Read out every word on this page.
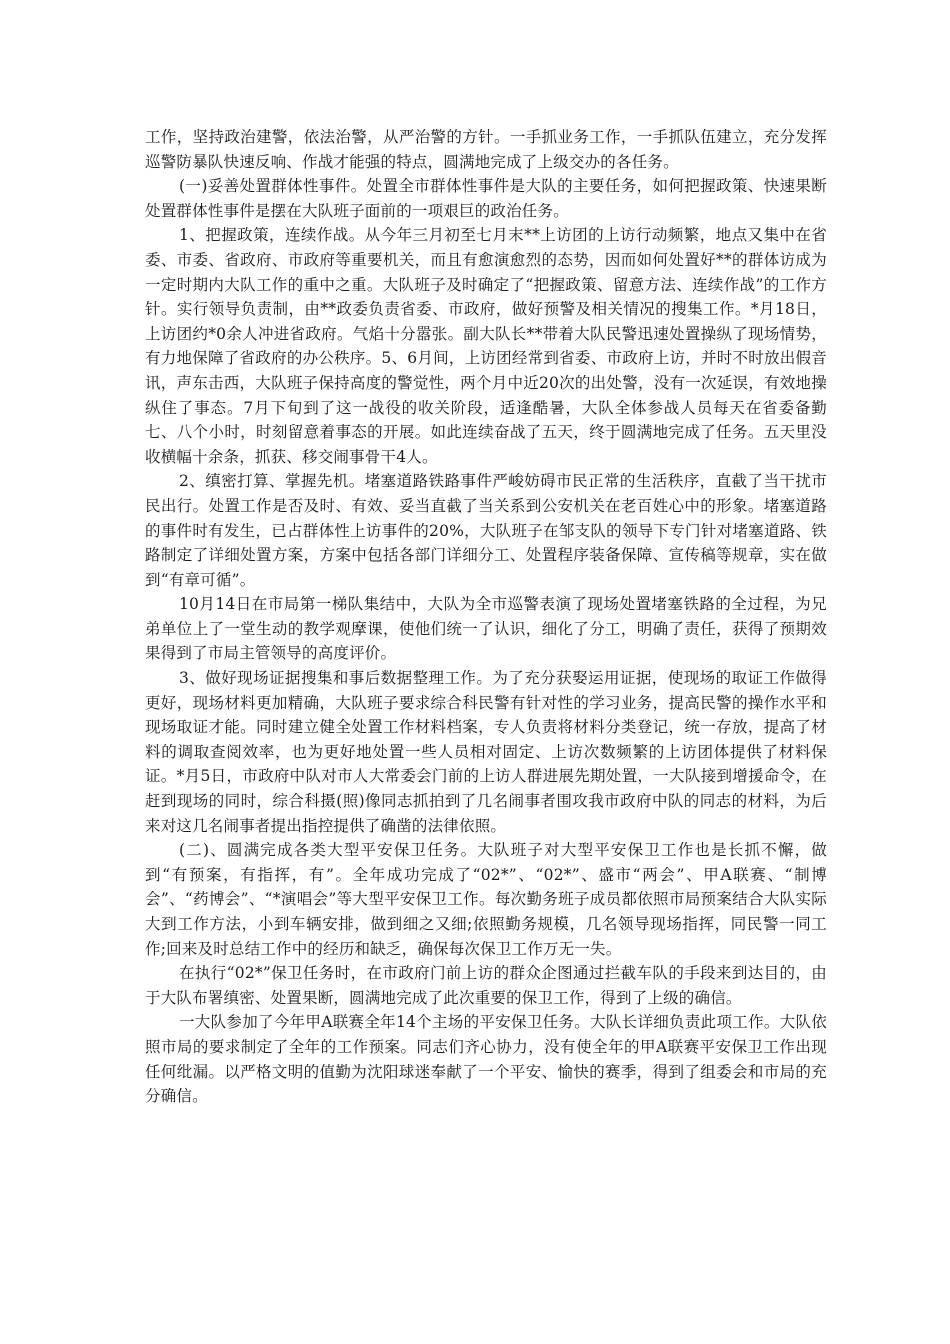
工作，坚持政治建警，依法治警，从严治警的方针。一手抓业务工作，一手抓队伍建立，充分发挥巡警防暴队快速反响、作战才能强的特点，圆满地完成了上级交办的各任务。

(一)妥善处置群体性事件。处置全市群体性事件是大队的主要任务，如何把握政策、快速果断处置群体性事件是摆在大队班子面前的一项艰巨的政治任务。

1、把握政策，连续作战。从今年三月初至七月末**上访团的上访行动频繁，地点又集中在省委、市委、省政府、市政府等重要机关，而且有愈演愈烈的态势，因而如何处置好**的群体访成为一定时期内大队工作的重中之重。大队班子及时确定了“把握政策、留意方法、连续作战”的工作方针。实行领导负责制，由**政委负责省委、市政府，做好预警及相关情况的搜集工作。*月18日，上访团约*0余人冲进省政府。气焰十分嚣张。副大队长**带着大队民警迅速处置操纵了现场情势，有力地保障了省政府的办公秩序。5、6月间，上访团经常到省委、市政府上访，并时不时放出假音讯，声东击西，大队班子保持高度的警觉性，两个月中近20次的出处警，没有一次延误，有效地操纵住了事态。7月下旬到了这一战役的收关阶段，适逢酷暑，大队全体参战人员每天在省委备勤七、八个小时，时刻留意着事态的开展。如此连续奋战了五天，终于圆满地完成了任务。五天里没收横幅十余条，抓获、移交闹事骨干4人。

2、缜密打算、掌握先机。堵塞道路铁路事件严峻妨碍市民正常的生活秩序，直截了当干扰市民出行。处置工作是否及时、有效、妥当直截了当关系到公安机关在老百姓心中的形象。堵塞道路的事件时有发生，已占群体性上访事件的20%，大队班子在邹支队的领导下专门针对堵塞道路、铁路制定了详细处置方案，方案中包括各部门详细分工、处置程序装备保障、宣传稿等规章，实在做到“有章可循”。

10月14日在市局第一梯队集结中，大队为全市巡警表演了现场处置堵塞铁路的全过程，为兄弟单位上了一堂生动的教学观摩课，使他们统一了认识，细化了分工，明确了责任，获得了预期效果得到了市局主管领导的高度评价。

3、做好现场证据搜集和事后数据整理工作。为了充分获娶运用证据，使现场的取证工作做得更好，现场材料更加精确，大队班子要求综合科民警有针对性的学习业务，提高民警的操作水平和现场取证才能。同时建立健全处置工作材料档案，专人负责将材料分类登记，统一存放，提高了材料的调取查阅效率，也为更好地处置一些人员相对固定、上访次数频繁的上访团体提供了材料保证。*月5日，市政府中队对市人大常委会门前的上访人群进展先期处置，一大队接到增援命令，在赶到现场的同时，综合科摄(照)像同志抓拍到了几名闹事者围攻我市政府中队的同志的材料，为后来对这几名闹事者提出指控提供了确凿的法律依照。

(二)、圆满完成各类大型平安保卫任务。大队班子对大型平安保卫工作也是长抓不懈，做到“有预案，有指挥，有”。全年成功完成了“02*”、“02*”、盛市“两会”、甲A联赛、“制博会”、“药博会”、“*演唱会”等大型平安保卫工作。每次勤务班子成员都依照市局预案结合大队实际大到工作方法，小到车辆安排，做到细之又细;依照勤务规模，几名领导现场指挥，同民警一同工作;回来及时总结工作中的经历和缺乏，确保每次保卫工作万无一失。

在执行“02*”保卫任务时，在市政府门前上访的群众企图通过拦截车队的手段来到达目的，由于大队布署缜密、处置果断，圆满地完成了此次重要的保卫工作，得到了上级的确信。

一大队参加了今年甲A联赛全年14个主场的平安保卫任务。大队长详细负责此项工作。大队依照市局的要求制定了全年的工作预案。同志们齐心协力，没有使全年的甲A联赛平安保卫工作出现任何纰漏。以严格文明的值勤为沈阳球迷奉献了一个平安、愉快的赛季，得到了组委会和市局的充分确信。
